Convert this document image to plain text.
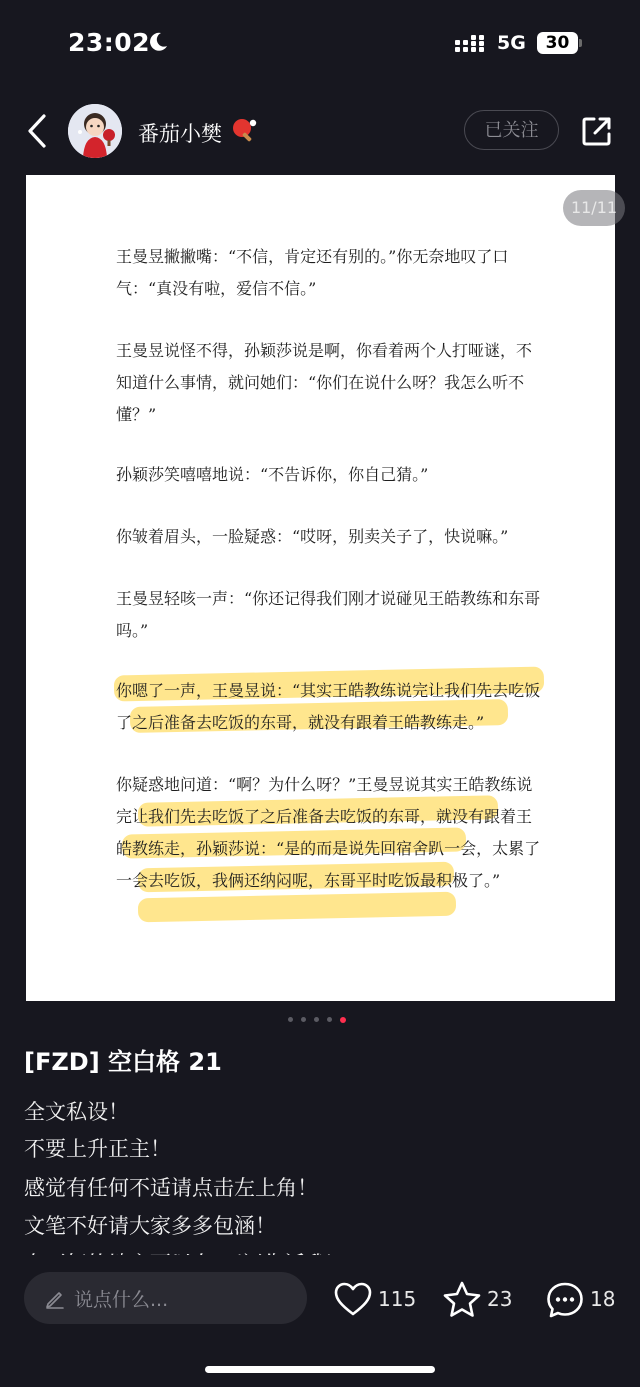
23:02	5G	30
番茄小樊	已关注

王曼昱撇撇嘴：“不信，肯定还有别的。”你无奈地叹了口气：“真没有啦，爱信不信。”

王曼昱说怪不得，孙颖莎说是啊，你看着两个人打哑谜，不知道什么事情，就问她们：“你们在说什么呀？我怎么听不懂？”

孙颖莎笑嘻嘻地说：“不告诉你，你自己猜。”

你皱着眉头，一脸疑惑：“哎呀，别卖关子了，快说嘛。”

王曼昱轻咳一声：“你还记得我们刚才说碰见王皓教练和东哥吗。”

你嗯了一声，王曼昱说：“其实王皓教练说完让我们先去吃饭了之后准备去吃饭的东哥，就没有跟着王皓教练走。”

你疑惑地问道：“啊？为什么呀？”王曼昱说其实王皓教练说完让我们先去吃饭了之后准备去吃饭的东哥，就没有跟着王皓教练走，孙颖莎说：“是的而是说先回宿舍趴一会，太累了一会去吃饭，我俩还纳闷呢，东哥平时吃饭最积极了。”

11/11
[FZD] 空白格 21
全文私设！
不要上升正主！
感觉有任何不适请点击左上角！
文笔不好请大家多多包涵！
说点什么...	115	23	18
